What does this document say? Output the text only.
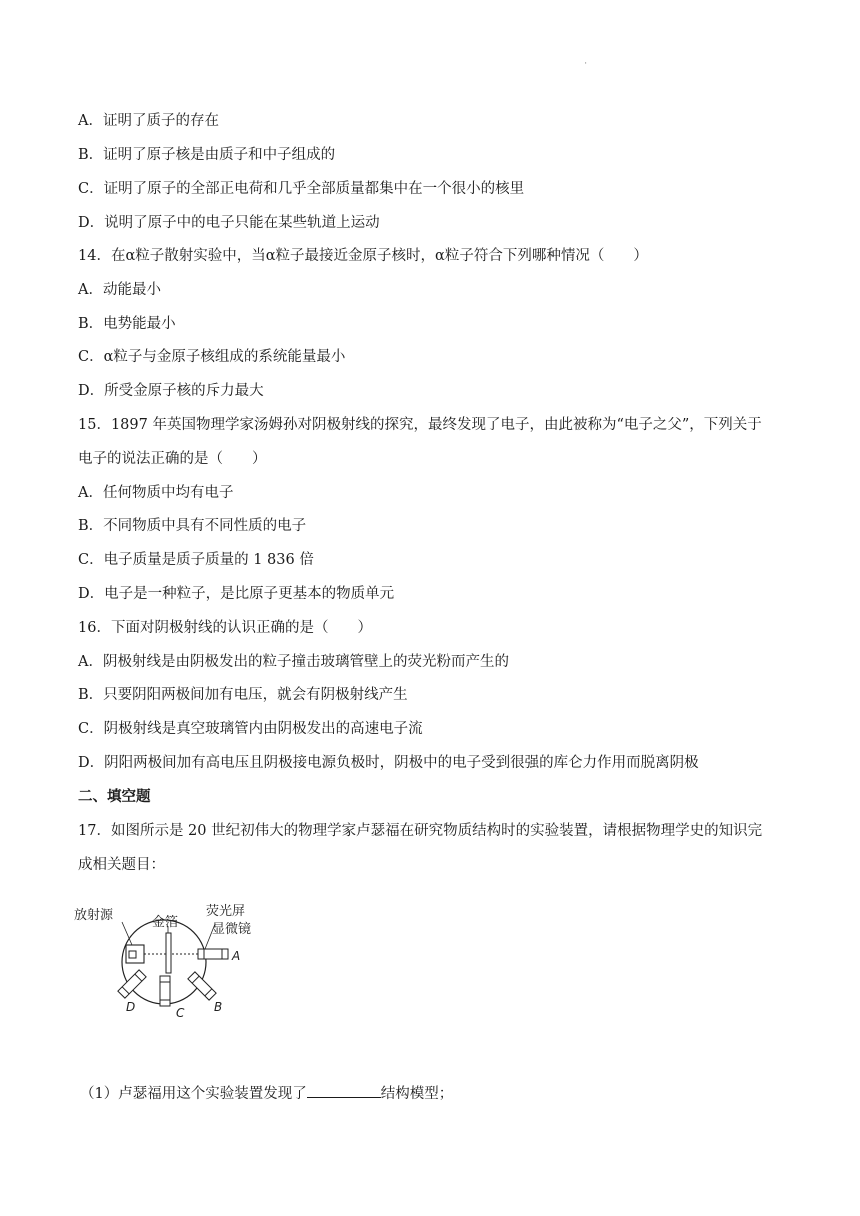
'
A．证明了质子的存在
B．证明了原子核是由质子和中子组成的
C．证明了原子的全部正电荷和几乎全部质量都集中在一个很小的核里
D．说明了原子中的电子只能在某些轨道上运动
14．在α粒子散射实验中，当α粒子最接近金原子核时，α粒子符合下列哪种情况（　　）
A．动能最小
B．电势能最小
C．α粒子与金原子核组成的系统能量最小
D．所受金原子核的斥力最大
15．1897 年英国物理学家汤姆孙对阴极射线的探究，最终发现了电子，由此被称为“电子之父”，下列关于
电子的说法正确的是（　　）
A．任何物质中均有电子
B．不同物质中具有不同性质的电子
C．电子质量是质子质量的 1 836 倍
D．电子是一种粒子，是比原子更基本的物质单元
16．下面对阴极射线的认识正确的是（　　）
A．阴极射线是由阴极发出的粒子撞击玻璃管壁上的荧光粉而产生的
B．只要阴阳两极间加有电压，就会有阴极射线产生
C．阴极射线是真空玻璃管内由阴极发出的高速电子流
D．阴阳两极间加有高电压且阴极接电源负极时，阴极中的电子受到很强的库仑力作用而脱离阴极
二、填空题
17．如图所示是 20 世纪初伟大的物理学家卢瑟福在研究物质结构时的实验装置，请根据物理学史的知识完
成相关题目：
放射源	金箔
荧光屏
显微镜
A
B
C
D
（1）卢瑟福用这个实验装置发现了	结构模型；
